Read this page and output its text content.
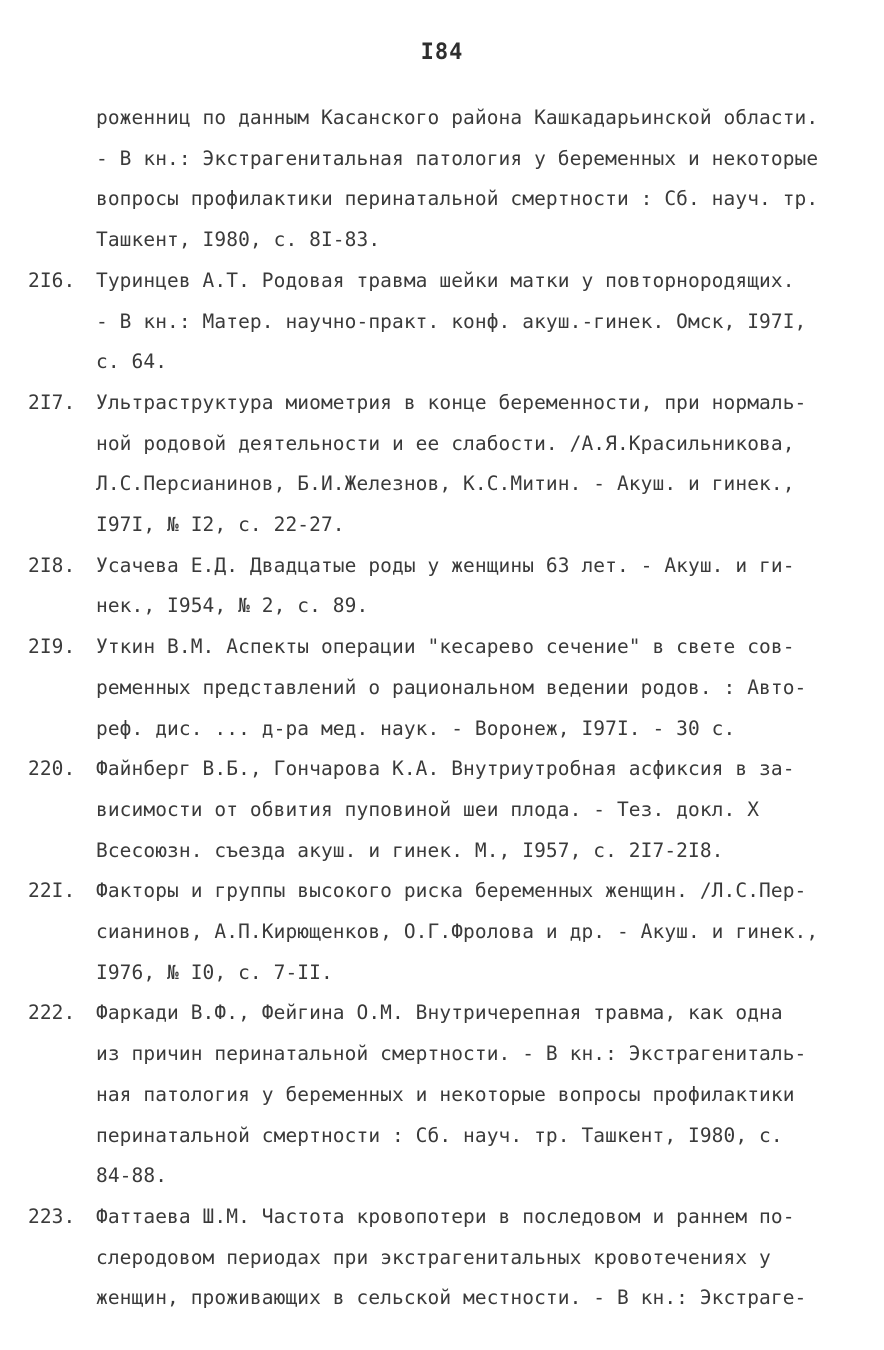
I84
роженниц по данным Касанского района Кашкадарьинской области.
- В кн.: Экстрагенитальная патология у беременных и некоторые
вопросы профилактики перинатальной смертности : Сб. науч. тр.
Ташкент, I980, с. 8I-83.
2I6.	Туринцев А.Т. Родовая травма шейки матки у повторнородящих.
- В кн.: Матер. научно-практ. конф. акуш.-гинек. Омск, I97I,
с. 64.
2I7.	Ультраструктура миометрия в конце беременности, при нормаль-
ной родовой деятельности и ее слабости. /А.Я.Красильникова,
Л.С.Персианинов, Б.И.Железнов, К.С.Митин. - Акуш. и гинек.,
I97I, № I2, с. 22-27.
2I8.	Усачева Е.Д. Двадцатые роды у женщины 63 лет. - Акуш. и ги-
нек., I954, № 2, с. 89.
2I9.	Уткин В.М. Аспекты операции "кесарево сечение" в свете сов-
ременных представлений о рациональном ведении родов. : Авто-
реф. дис. ... д-ра мед. наук. - Воронеж, I97I. - 30 с.
220.	Файнберг В.Б., Гончарова К.А. Внутриутробная асфиксия в за-
висимости от обвития пуповиной шеи плода. - Тез. докл. X
Всесоюзн. съезда акуш. и гинек. М., I957, с. 2I7-2I8.
22I.	Факторы и группы высокого риска беременных женщин. /Л.С.Пер-
сианинов, А.П.Кирющенков, О.Г.Фролова и др. - Акуш. и гинек.,
I976, № I0, с. 7-II.
222.	Фаркади В.Ф., Фейгина О.М. Внутричерепная травма, как одна
из причин перинатальной смертности. - В кн.: Экстрагениталь-
ная патология у беременных и некоторые вопросы профилактики
перинатальной смертности : Сб. науч. тр. Ташкент, I980, с.
84-88.
223.	Фаттаева Ш.М. Частота кровопотери в последовом и раннем по-
слеродовом периодах при экстрагенитальных кровотечениях у
женщин, проживающих в сельской местности. - В кн.: Экстраге-
